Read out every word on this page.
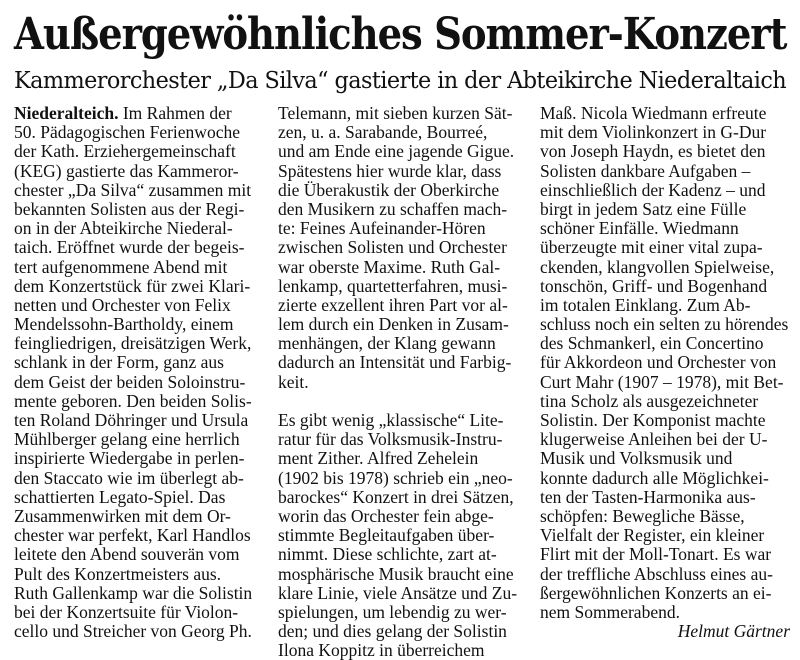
Außergewöhnliches Sommer-Konzert
Kammerorchester „Da Silva“ gastierte in der Abteikirche Niederaltaich
Niederalteich. Im Rahmen der
50. Pädagogischen Ferienwoche
der Kath. Erziehergemeinschaft
(KEG) gastierte das Kammeror-
chester „Da Silva“ zusammen mit
bekannten Solisten aus der Regi-
on in der Abteikirche Niederal-
taich. Eröffnet wurde der begeis-
tert aufgenommene Abend mit
dem Konzertstück für zwei Klari-
netten und Orchester von Felix
Mendelssohn-Bartholdy, einem
feingliedrigen, dreisätzigen Werk,
schlank in der Form, ganz aus
dem Geist der beiden Soloinstru-
mente geboren. Den beiden Solis-
ten Roland Döhringer und Ursula
Mühlberger gelang eine herrlich
inspirierte Wiedergabe in perlen-
den Staccato wie im überlegt ab-
schattierten Legato-Spiel. Das
Zusammenwirken mit dem Or-
chester war perfekt, Karl Handlos
leitete den Abend souverän vom
Pult des Konzertmeisters aus.
Ruth Gallenkamp war die Solistin
bei der Konzertsuite für Violon-
cello und Streicher von Georg Ph.
Telemann, mit sieben kurzen Sät-
zen, u. a. Sarabande, Bourreé,
und am Ende eine jagende Gigue.
Spätestens hier wurde klar, dass
die Überakustik der Oberkirche
den Musikern zu schaffen mach-
te: Feines Aufeinander-Hören
zwischen Solisten und Orchester
war oberste Maxime. Ruth Gal-
lenkamp, quartetterfahren, musi-
zierte exzellent ihren Part vor al-
lem durch ein Denken in Zusam-
menhängen, der Klang gewann
dadurch an Intensität und Farbig-
keit.
Es gibt wenig „klassische“ Lite-
ratur für das Volksmusik-Instru-
ment Zither. Alfred Zehelein
(1902 bis 1978) schrieb ein „neo-
barockes“ Konzert in drei Sätzen,
worin das Orchester fein abge-
stimmte Begleitaufgaben über-
nimmt. Diese schlichte, zart at-
mosphärische Musik braucht eine
klare Linie, viele Ansätze und Zu-
spielungen, um lebendig zu wer-
den; und dies gelang der Solistin
Ilona Koppitz in überreichem
Maß. Nicola Wiedmann erfreute
mit dem Violinkonzert in G-Dur
von Joseph Haydn, es bietet den
Solisten dankbare Aufgaben –
einschließlich der Kadenz – und
birgt in jedem Satz eine Fülle
schöner Einfälle. Wiedmann
überzeugte mit einer vital zupa-
ckenden, klangvollen Spielweise,
tonschön, Griff- und Bogenhand
im totalen Einklang. Zum Ab-
schluss noch ein selten zu hörendes
des Schmankerl, ein Concertino
für Akkordeon und Orchester von
Curt Mahr (1907 – 1978), mit Bet-
tina Scholz als ausgezeichneter
Solistin. Der Komponist machte
klugerweise Anleihen bei der U-
Musik und Volksmusik und
konnte dadurch alle Möglichkei-
ten der Tasten-Harmonika aus-
schöpfen: Bewegliche Bässe,
Vielfalt der Register, ein kleiner
Flirt mit der Moll-Tonart. Es war
der treffliche Abschluss eines au-
ßergewöhnlichen Konzerts an ei-
nem Sommerabend.
Helmut Gärtner
